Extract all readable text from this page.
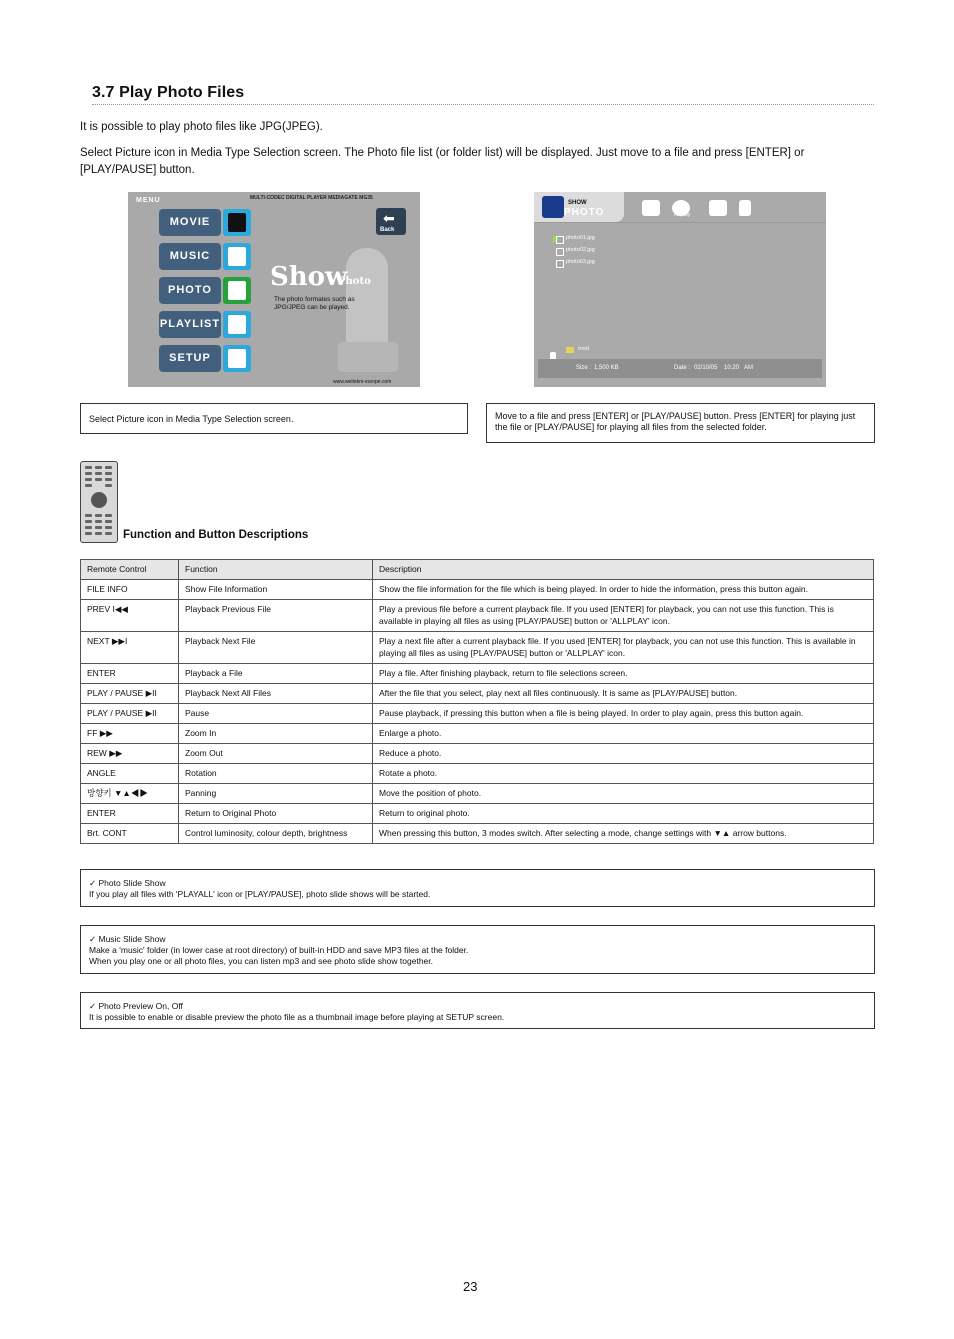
3.7 Play Photo Files
It is possible to play photo files like JPG(JPEG).
Select Picture icon in Media Type Selection screen. The Photo file list (or folder list) will be displayed. Just move to a file and press [ENTER] or [PLAY/PAUSE] button.
MENU	MULTI-CODEC DIGITAL PLAYER MEDIAGATE MG35
MOVIE
MUSIC
PHOTO
PLAYLIST
SETUP
⬅
Back
Show
Photo
The photo formates such as JPG/JPEG can be played.
www.weltekm-europe.com
SHOW
PHOTO	Back	All play	Menu	Exit
photo01.jpg
photo02.jpg
photo03.jpg
/root
Size : 1,500 KB	Date : 02/10/05 10:20 AM
Select Picture icon in Media Type Selection screen.	Move to a file and press [ENTER] or [PLAY/PAUSE] button. Press [ENTER] for playing just the file or [PLAY/PAUSE] for playing all files from the selected folder.
Function and Button Descriptions
Remote Control	Function	Description
FILE INFO	Show File Information	Show the file information for the file which is being played. In order to hide the information, press this button again.
PREV I◀◀	Playback Previous File	Play a previous file before a current playback file. If you used [ENTER] for playback, you can not use this function. This is available in playing all files as using [PLAY/PAUSE] button or 'ALLPLAY' icon.
NEXT ▶▶I	Playback Next File	Play a next file after a current playback file. If you used [ENTER] for playback, you can not use this function. This is available in playing all files as using [PLAY/PAUSE] button or 'ALLPLAY' icon.
ENTER	Playback a File	Play a file. After finishing playback, return to file selections screen.
PLAY / PAUSE ▶II	Playback Next All Files	After the file that you select, play next all files continuously. It is same as [PLAY/PAUSE] button.
PLAY / PAUSE ▶II	Pause	Pause playback, if pressing this button when a file is being played. In order to play again, press this button again.
FF ▶▶	Zoom In	Enlarge a photo.
REW ▶▶	Zoom Out	Reduce a photo.
ANGLE	Rotation	Rotate a photo.
방향키 ▼▲◀▶	Panning	Move the position of photo.
ENTER	Return to Original Photo	Return to original photo.
Brt. CONT	Control luminosity, colour depth, brightness	When pressing this button, 3 modes switch. After selecting a mode, change settings with ▼▲ arrow buttons.
✓ Photo Slide Show
If you play all files with 'PLAYALL' icon or [PLAY/PAUSE], photo slide shows will be started.
✓ Music Slide Show
Make a 'music' folder (in lower case at root directory) of built-in HDD and save MP3 files at the folder.
When you play one or all photo files, you can listen mp3 and see photo slide show together.
✓ Photo Preview On, Off
It is possible to enable or disable preview the photo file as a thumbnail image before playing at SETUP screen.
23
